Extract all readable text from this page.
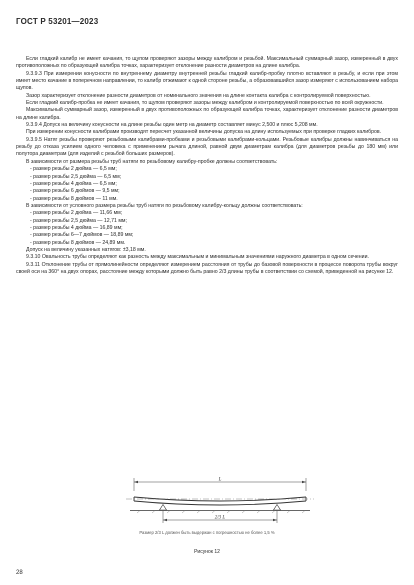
ГОСТ Р 53201—2023

Если гладкий калибр не имеет качания, то щупом проверяют зазоры между калибром и резьбой. Максимальный суммарный зазор, измеренный в двух противоположных по образующей калибра точках, характеризует отклонение разности диаметров на длине калибра.

9.3.9.3 При измерении конусности по внутреннему диаметру внутренней резьбы гладкий калибр-пробку плотно вставляют в резьбу, и если при этом имеет место качание в поперечном направлении, то калибр отжимают к одной стороне резьбы, а образовавшийся зазор измеряют с использованием набора щупов.

Зазор характеризует отклонение разности диаметров от номинального значения на длине контакта калибра с контролируемой поверхностью.

Если гладкий калибр-пробка не имеет качания, то щупом проверяют зазоры между калибром и контролируемой поверхностью по всей окружности.

Максимальный суммарный зазор, измеренный в двух противоположных по образующей калибра точках, характеризует отклонение разности диаметров на длине калибра.

9.3.9.4 Допуск на величину конусности на длине резьбы один метр на диаметр составляет минус 2,500 и плюс 5,208 мм.

При измерении конусности калибрами производят пересчет указанной величины допуска на длину используемых при проверке гладких калибров.

9.3.9.5 Натяг резьбы проверяют резьбовыми калибрами-пробками и резьбовыми калибрами-кольцами. Резьбовые калибры должны навинчиваться на резьбу до отказа усилием одного человека с применением рычага длиной, равной двум диаметрам калибра (для диаметров резьбы до 180 мм) или полутора диаметрам (для изделий с резьбой больших размеров).

В зависимости от размера резьбы труб натяги по резьбовому калибру-пробке должны соответствовать:

- размер резьбы 2 дюйма — 6,5 мм;
- размер резьбы 2,5 дюйма — 6,5 мм;
- размер резьбы 4 дюйма — 6,5 мм;
- размер резьбы 6 дюймов — 9,5 мм;
- размер резьбы 8 дюймов — 11 мм.

В зависимости от условного размера резьбы труб натяги по резьбовому калибру-кольцу должны соответствовать:

- размер резьбы 2 дюйма — 11,66 мм;
- размер резьбы 2,5 дюйма — 12,71 мм;
- размер резьбы 4 дюйма — 16,89 мм;
- размер резьбы 6—7 дюймов — 18,89 мм;
- размер резьбы 8 дюймов — 24,89 мм.

Допуск на величину указанных натягов: ±3,18 мм.

9.3.10 Овальность трубы определяют как разность между максимальным и минимальным значениями наружного диаметра в одном сечении.

9.3.11 Отклонение трубы от прямолинейности определяют измерением расстояния от трубы до базовой поверхности в процессе поворота трубы вокруг своей оси на 360° на двух опорах, расстояние между которыми должно быть равно 2/3 длины трубы в соответствии со схемой, приведенной на рисунке 12.

L
2/3 L
Размер 2/3 L должен быть выдержан с погрешностью не более 1,5 %
Рисунок 12
28
